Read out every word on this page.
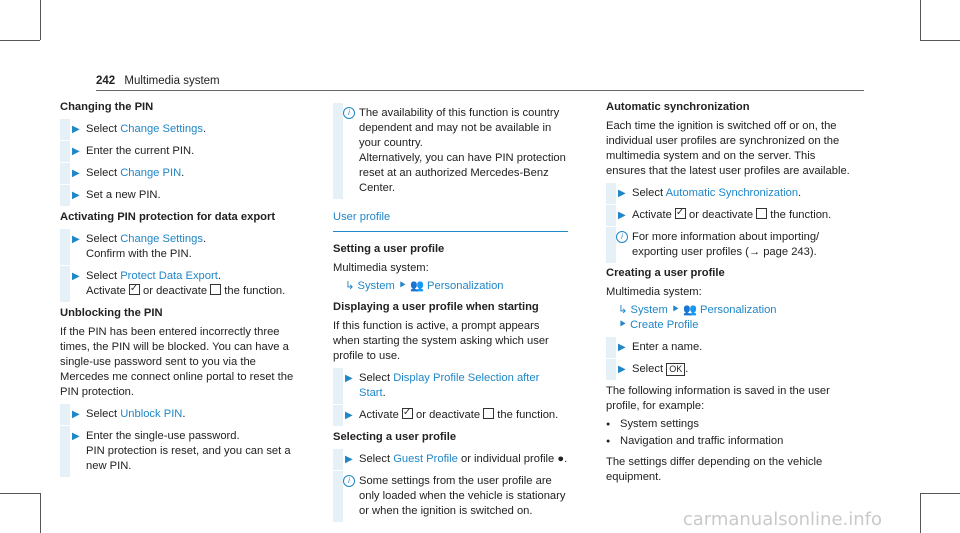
242 Multimedia system
Changing the PIN
▶ Select Change Settings.
▶ Enter the current PIN.
▶ Select Change PIN.
▶ Set a new PIN.
Activating PIN protection for data export
▶ Select Change Settings.
Confirm with the PIN.
▶ Select Protect Data Export.
Activate ✓ or deactivate  the function.
Unblocking the PIN
If the PIN has been entered incorrectly three times, the PIN will be blocked. You can have a single-use password sent to you via the Mercedes me connect online portal to reset the PIN protection.
▶ Select Unblock PIN.
▶ Enter the single-use password.
PIN protection is reset, and you can set a new PIN.
i The availability of this function is country dependent and may not be available in your country.
Alternatively, you can have PIN protection reset at an authorized Mercedes-Benz Center.
User profile
Setting a user profile
Multimedia system:
↳ System ⯈ 👥 Personalization
Displaying a user profile when starting
If this function is active, a prompt appears when starting the system asking which user profile to use.
▶ Select Display Profile Selection after Start.
▶ Activate ✓ or deactivate  the function.
Selecting a user profile
▶ Select Guest Profile or individual profile ●.
i Some settings from the user profile are only loaded when the vehicle is stationary or when the ignition is switched on.
Automatic synchronization
Each time the ignition is switched off or on, the individual user profiles are synchronized on the multimedia system and on the server. This ensures that the latest user profiles are available.
▶ Select Automatic Synchronization.
▶ Activate ✓ or deactivate  the function.
i For more information about importing/ exporting user profiles (→ page 243).
Creating a user profile
Multimedia system:
↳ System ⯈ 👥 Personalization
⯈ Create Profile
▶ Enter a name.
▶ Select OK .
The following information is saved in the user profile, for example:
● System settings
● Navigation and traffic information
The settings differ depending on the vehicle equipment.
carmanualsonline.info
